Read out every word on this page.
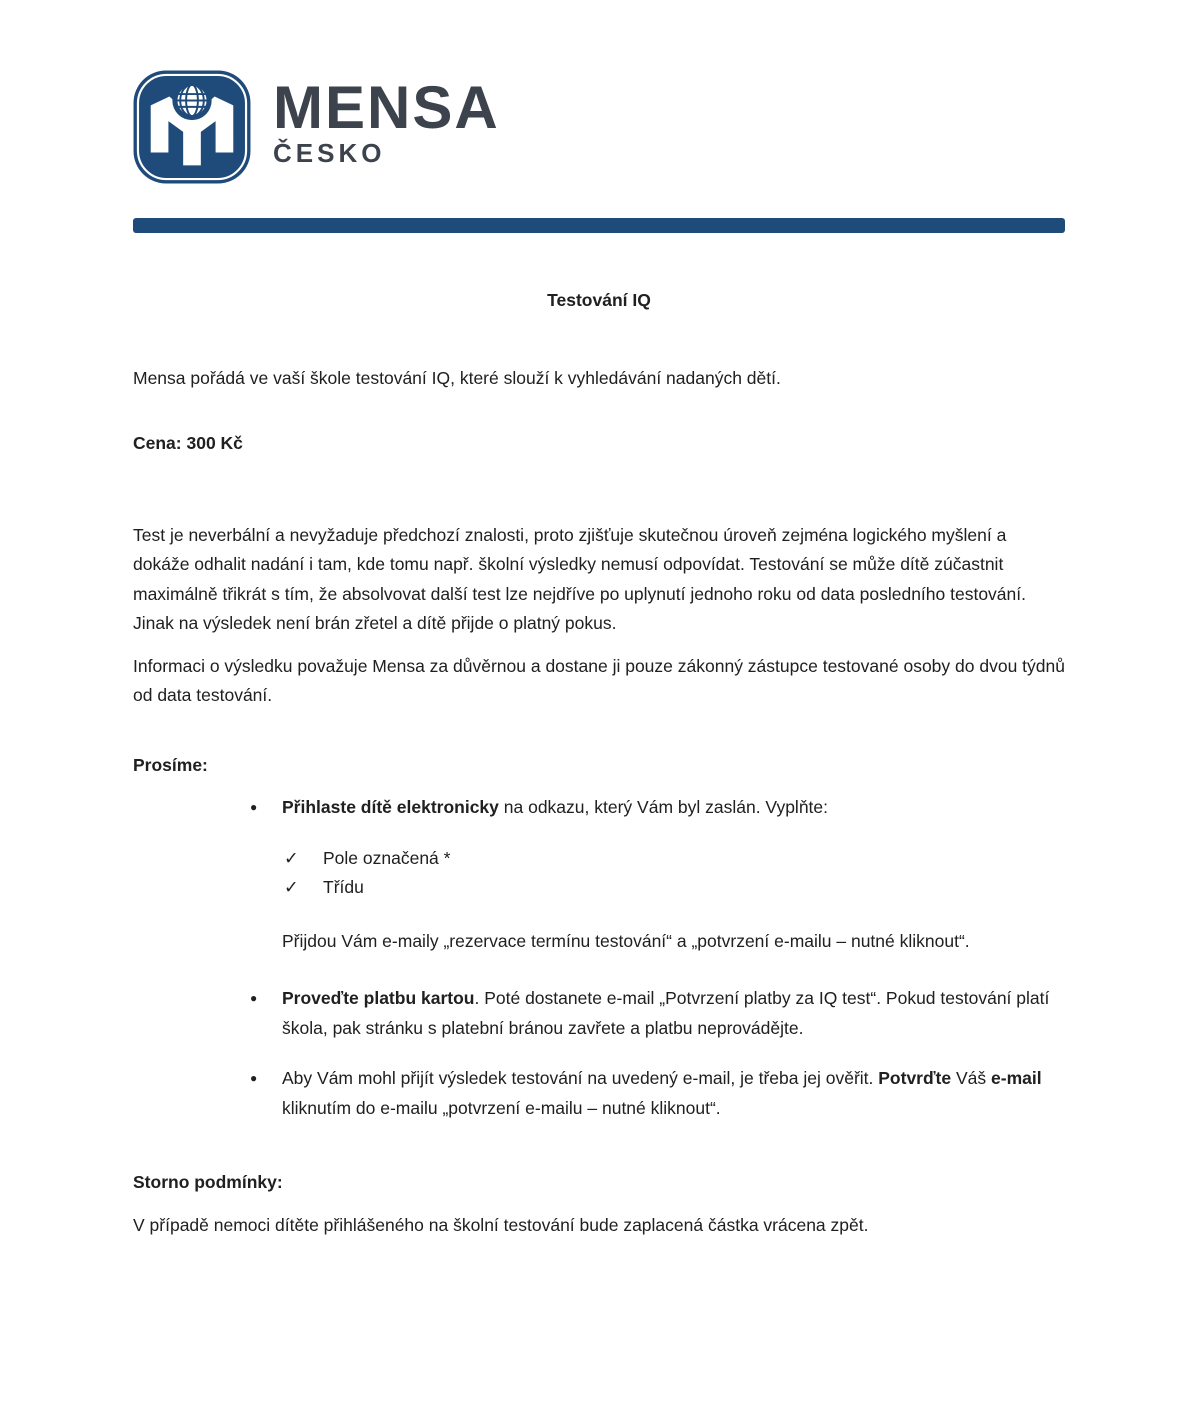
MENSA
ČESKO
Testování IQ
Mensa pořádá ve vaší škole testování IQ, které slouží k vyhledávání nadaných dětí.
Cena: 300 Kč
Test je neverbální a nevyžaduje předchozí znalosti, proto zjišťuje skutečnou úroveň zejména logického myšlení a dokáže odhalit nadání i tam, kde tomu např. školní výsledky nemusí odpovídat. Testování se může dítě zúčastnit maximálně třikrát s tím, že absolvovat další test lze nejdříve po uplynutí jednoho roku od data posledního testování. Jinak na výsledek není brán zřetel a dítě přijde o platný pokus.
Informaci o výsledku považuje Mensa za důvěrnou a dostane ji pouze zákonný zástupce testované osoby do dvou týdnů od data testování.
Prosíme:
●	Přihlaste dítě elektronicky na odkazu, který Vám byl zaslán. Vyplňte:
✓	Pole označená *
✓	Třídu
Přijdou Vám e-maily „rezervace termínu testování“ a „potvrzení e-mailu – nutné kliknout“.
●	Proveďte platbu kartou. Poté dostanete e-mail „Potvrzení platby za IQ test“. Pokud testování platí škola, pak stránku s platební bránou zavřete a platbu neprovádějte.
●	Aby Vám mohl přijít výsledek testování na uvedený e-mail, je třeba jej ověřit. Potvrďte Váš e-mail kliknutím do e-mailu „potvrzení e-mailu – nutné kliknout“.
Storno podmínky:
V případě nemoci dítěte přihlášeného na školní testování bude zaplacená částka vrácena zpět.
